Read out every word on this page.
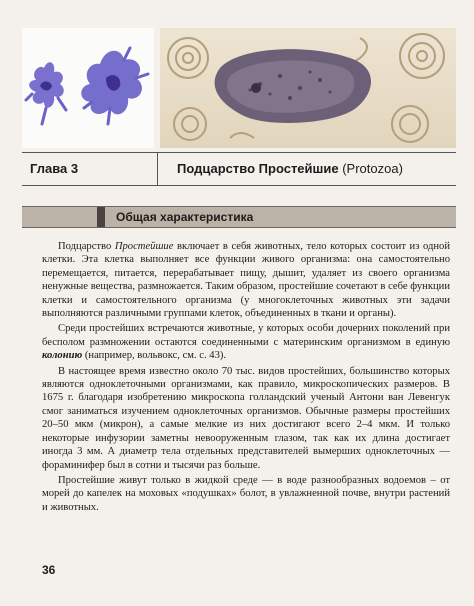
Глава 3	Подцарство Простейшие (Protozoa)
Общая характеристика

Подцарство Простейшие включает в себя животных, тело которых состоит из одной клетки. Эта клетка выполняет все функции живого организма: она самостоятельно перемещается, питается, перерабатывает пищу, дышит, удаляет из своего организма ненужные вещества, размножается. Таким образом, простейшие сочетают в себе функции клетки и самостоятельного организма (у многоклеточных животных эти задачи выполняются различными группами клеток, объединенных в ткани и органы).

Среди простейших встречаются животные, у которых особи дочерних поколений при бесполом размножении остаются соединенными с материнским организмом в единую колонию (например, вольвокс, см. с. 43).

В настоящее время известно около 70 тыс. видов простейших, большинство которых являются одноклеточными организмами, как правило, микроскопических размеров. В 1675 г. благодаря изобретению микроскопа голландский ученый Антони ван Левенгук смог заниматься изучением одноклеточных организмов. Обычные размеры простейших 20–50 мкм (микрон), а самые мелкие из них достигают всего 2–4 мкм. И только некоторые инфузории заметны невооруженным глазом, так как их длина достигает иногда 3 мм. А диаметр тела отдельных представителей вымерших одноклеточных — фораминифер был в сотни и тысячи раз больше.

Простейшие живут только в жидкой среде — в воде разнообразных водоемов – от морей до капелек на моховых «подушках» болот, в увлажненной почве, внутри растений и животных.

36
